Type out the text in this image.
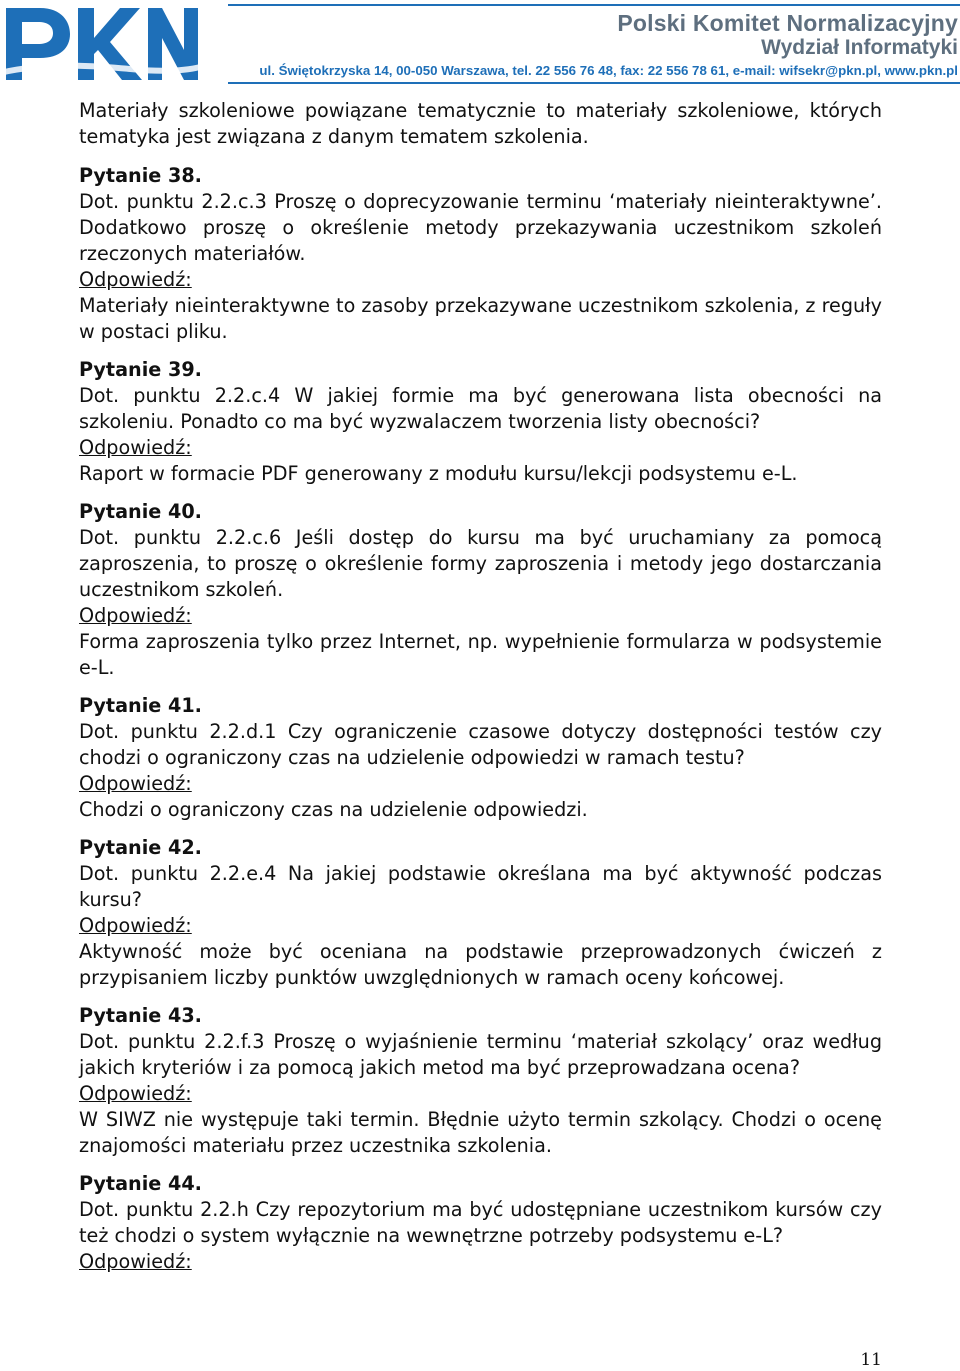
Polski Komitet Normalizacyjny
Wydział Informatyki
ul. Świętokrzyska 14, 00-050 Warszawa, tel. 22 556 76 48, fax: 22 556 78 61, e-mail: wifsekr@pkn.pl, www.pkn.pl

Materiały szkoleniowe powiązane tematycznie to materiały szkoleniowe, których tematyka jest związana z danym tematem szkolenia.

Pytanie 38.

Dot. punktu 2.2.c.3 Proszę o doprecyzowanie terminu ‘materiały nieinteraktywne’. Dodatkowo proszę o określenie metody przekazywania uczestnikom szkoleń rzeczonych materiałów.

Odpowiedź:

Materiały nieinteraktywne to zasoby przekazywane uczestnikom szkolenia, z reguły w postaci pliku.

Pytanie 39.

Dot. punktu 2.2.c.4 W jakiej formie ma być generowana lista obecności na szkoleniu. Ponadto co ma być wyzwalaczem tworzenia listy obecności?

Odpowiedź:

Raport w formacie PDF generowany z modułu kursu/lekcji podsystemu e-L.

Pytanie 40.

Dot. punktu 2.2.c.6 Jeśli dostęp do kursu ma być uruchamiany za pomocą zaproszenia, to proszę o określenie formy zaproszenia i metody jego dostarczania uczestnikom szkoleń.

Odpowiedź:

Forma zaproszenia tylko przez Internet, np. wypełnienie formularza w podsystemie e-L.

Pytanie 41.

Dot. punktu 2.2.d.1 Czy ograniczenie czasowe dotyczy dostępności testów czy chodzi o ograniczony czas na udzielenie odpowiedzi w ramach testu?

Odpowiedź:

Chodzi o ograniczony czas na udzielenie odpowiedzi.

Pytanie 42.

Dot. punktu 2.2.e.4 Na jakiej podstawie określana ma być aktywność podczas kursu?

Odpowiedź:

Aktywność może być oceniana na podstawie przeprowadzonych ćwiczeń z przypisaniem liczby punktów uwzględnionych w ramach oceny końcowej.

Pytanie 43.

Dot. punktu 2.2.f.3 Proszę o wyjaśnienie terminu ‘materiał szkolący’ oraz według jakich kryteriów i za pomocą jakich metod ma być przeprowadzana ocena?

Odpowiedź:

W SIWZ nie występuje taki termin. Błędnie użyto termin szkolący. Chodzi o ocenę znajomości materiału przez uczestnika szkolenia.

Pytanie 44.

Dot. punktu 2.2.h Czy repozytorium ma być udostępniane uczestnikom kursów czy też chodzi o system wyłącznie na wewnętrzne potrzeby podsystemu e-L?

Odpowiedź:

11
